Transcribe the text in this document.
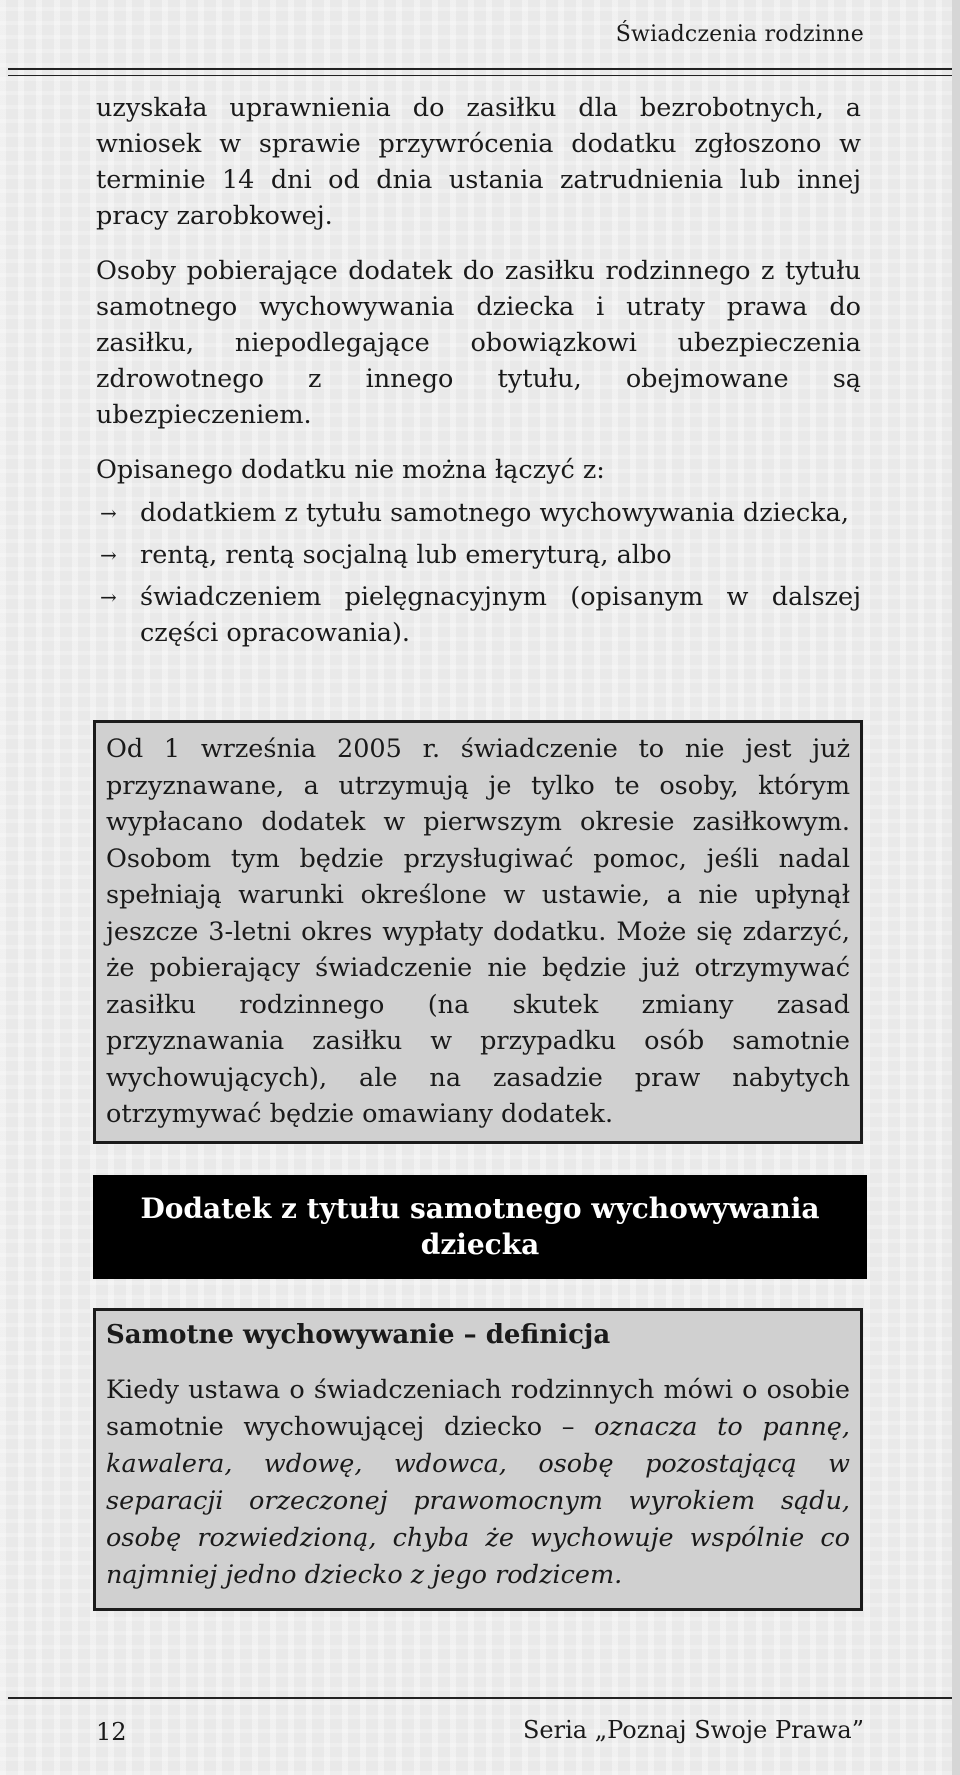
Świadczenia rodzinne

uzyskała uprawnienia do zasiłku dla bezrobotnych, a wniosek w sprawie przywrócenia dodatku zgłoszono w terminie 14 dni od dnia ustania zatrudnienia lub innej pracy zarobkowej.

Osoby pobierające dodatek do zasiłku rodzinnego z tytułu samotnego wychowywania dziecka i utraty prawa do zasiłku, niepodlegające obowiązkowi ubezpieczenia zdrowotnego z innego tytułu, obejmowane są ubezpieczeniem.

Opisanego dodatku nie można łączyć z:

→ dodatkiem z tytułu samotnego wychowywania dziecka,
→ rentą, rentą socjalną lub emeryturą, albo
→ świadczeniem pielęgnacyjnym (opisanym w dalszej części opracowania).
Od 1 września 2005 r. świadczenie to nie jest już przyznawane, a utrzymują je tylko te osoby, którym wypłacano dodatek w pierwszym okresie zasiłkowym. Osobom tym będzie przysługiwać pomoc, jeśli nadal spełniają warunki określone w ustawie, a nie upłynął jeszcze 3-letni okres wypłaty dodatku. Może się zdarzyć, że pobierający świadczenie nie będzie już otrzymywać zasiłku rodzinnego (na skutek zmiany zasad przyznawania zasiłku w przypadku osób samotnie wychowujących), ale na zasadzie praw nabytych otrzymywać będzie omawiany dodatek.
Dodatek z tytułu samotnego wychowywania dziecka
Samotne wychowywanie – definicja
Kiedy ustawa o świadczeniach rodzinnych mówi o osobie samotnie wychowującej dziecko – oznacza to pannę, kawalera, wdowę, wdowca, osobę pozostającą w separacji orzeczonej prawomocnym wyrokiem sądu, osobę rozwiedzioną, chyba że wychowuje wspólnie co najmniej jedno dziecko z jego rodzicem.
12	Seria „Poznaj Swoje Prawa”
